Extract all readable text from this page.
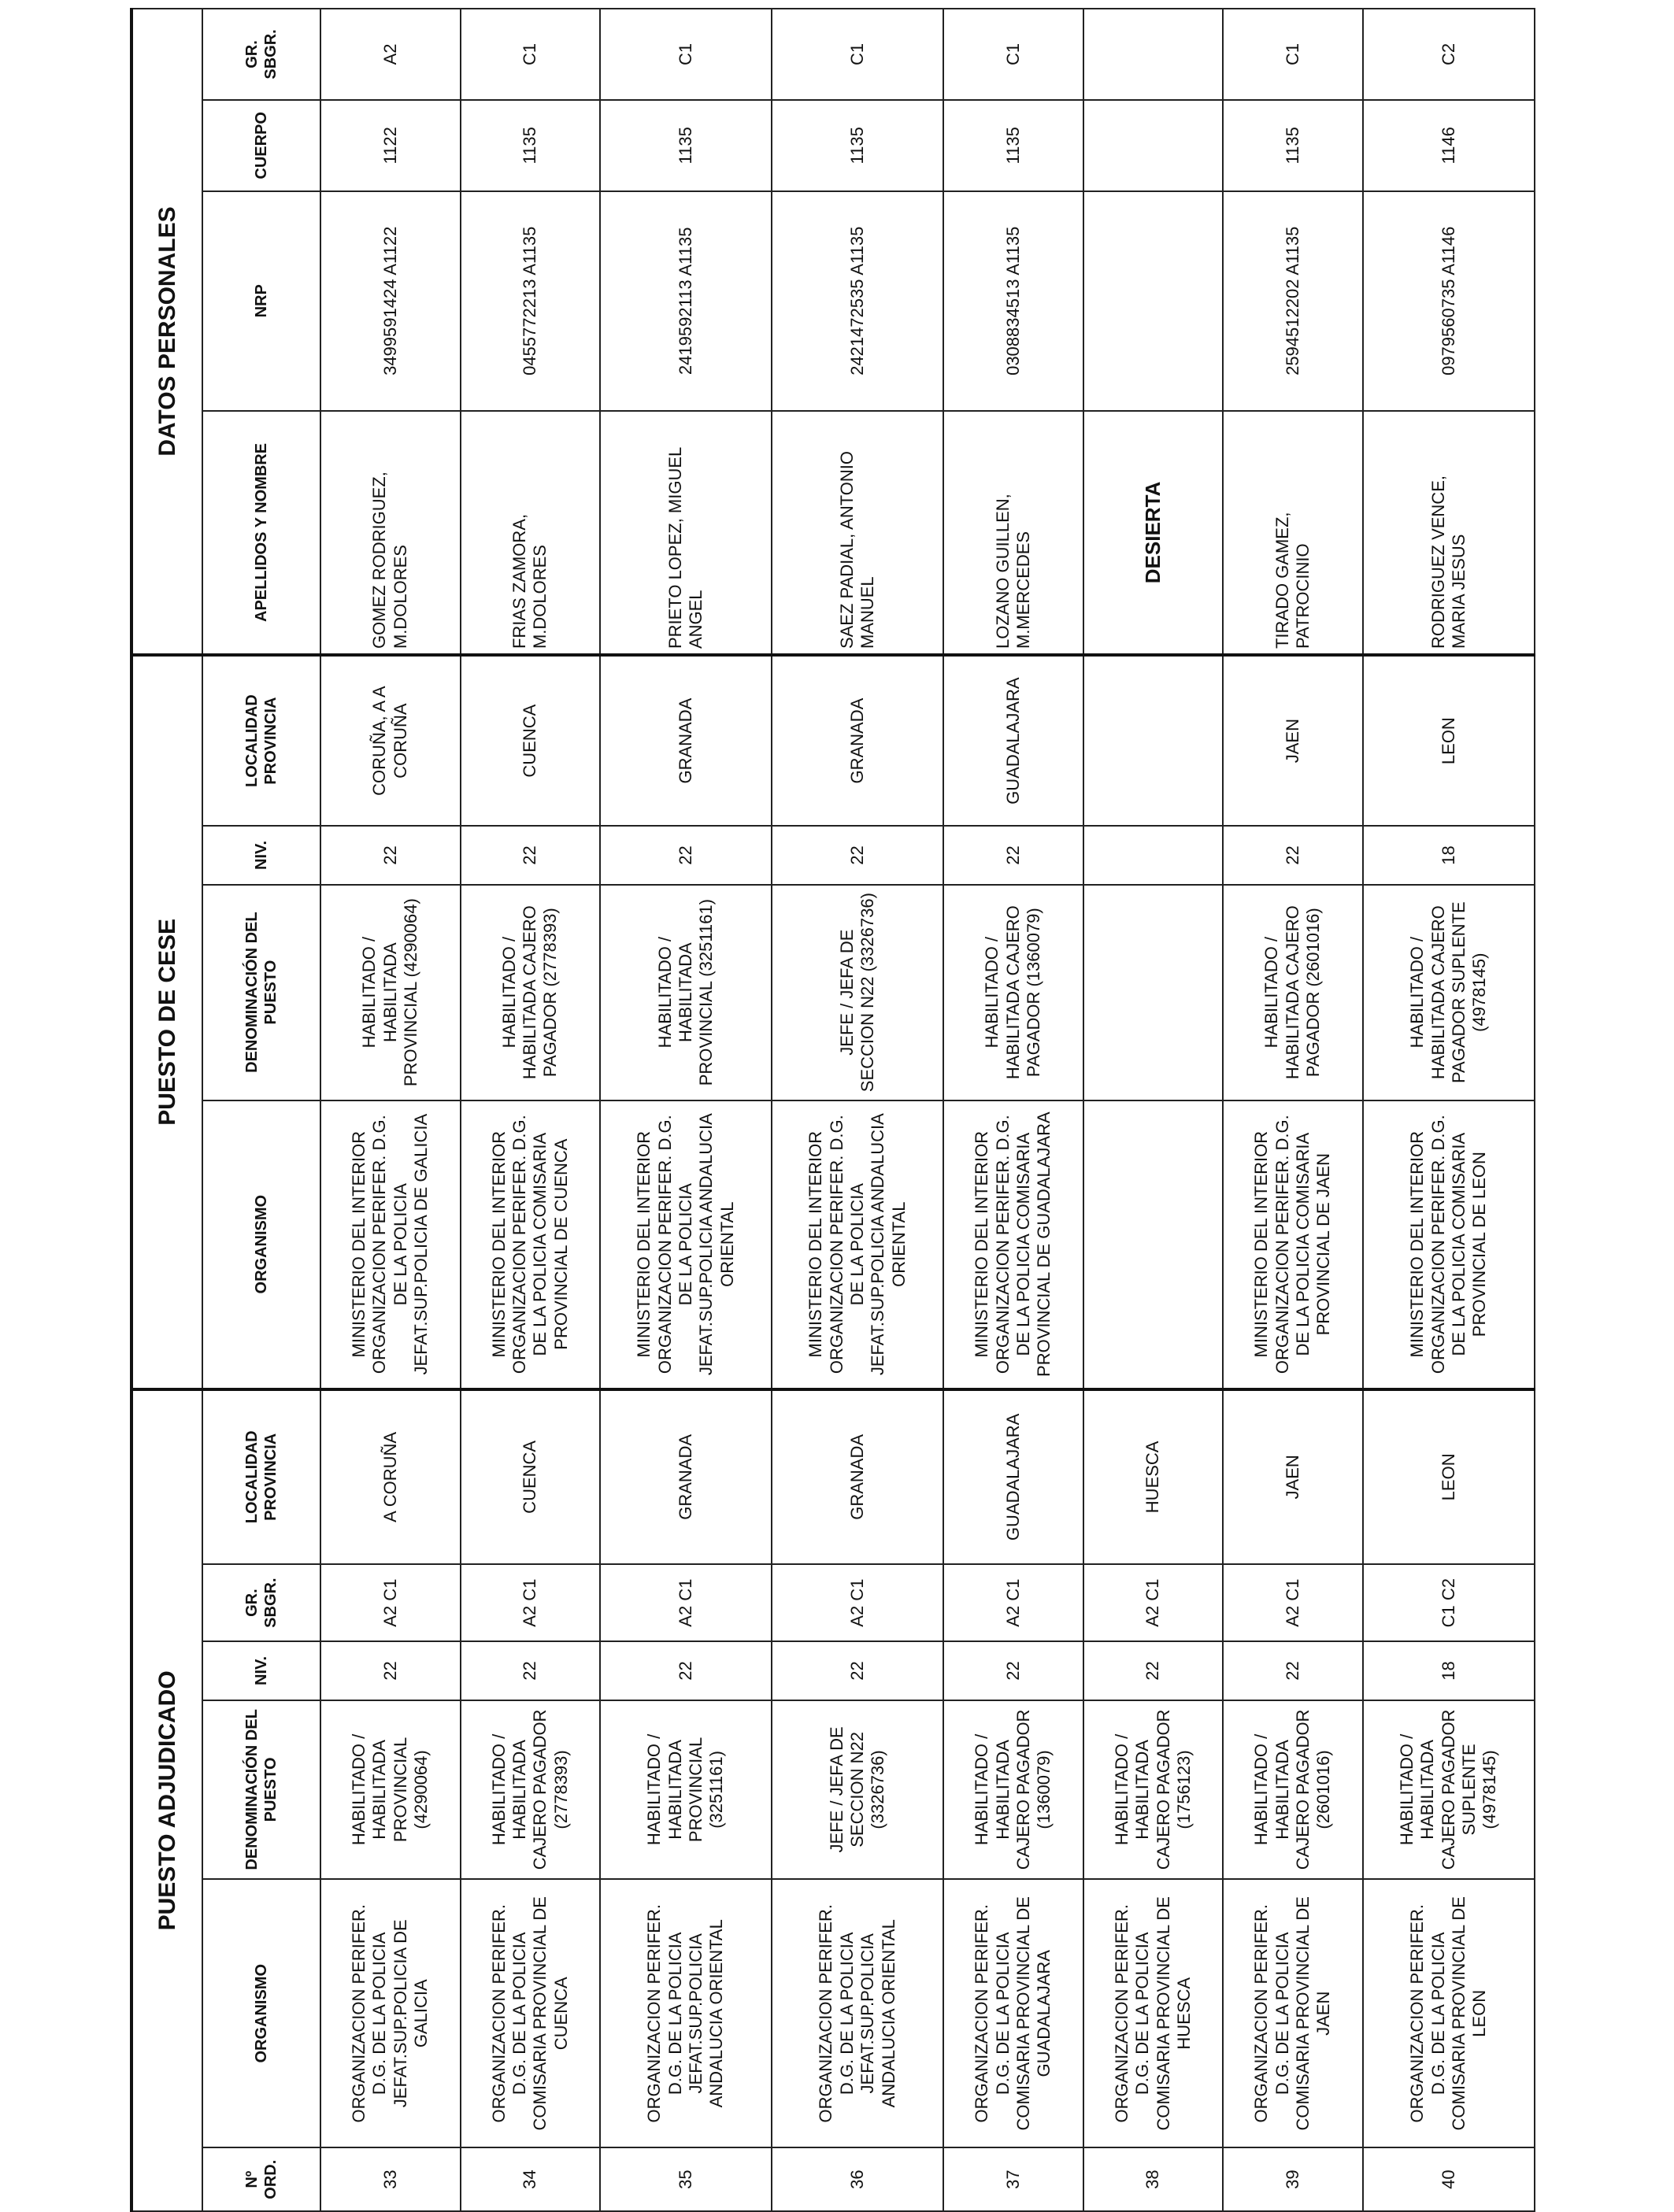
PUESTO ADJUDICADO						PUESTO DE CESE				DATOS PERSONALES			
Nº ORD.	ORGANISMO	DENOMINACIÓN DEL PUESTO	NIV.	GR. SBGR.	LOCALIDAD PROVINCIA	ORGANISMO	DENOMINACIÓN DEL PUESTO	NIV.	LOCALIDAD PROVINCIA	APELLIDOS Y NOMBRE	NRP	CUERPO	GR. SBGR.
33	ORGANIZACION PERIFER. D.G. DE LA POLICIA JEFAT.SUP.POLICIA DE GALICIA	HABILITADO / HABILITADA PROVINCIAL (4290064)	22	A2 C1	A CORUÑA	MINISTERIO DEL INTERIOR ORGANIZACION PERIFER. D.G. DE LA POLICIA JEFAT.SUP.POLICIA DE GALICIA	HABILITADO / HABILITADA PROVINCIAL (4290064)	22	CORUÑA, A A CORUÑA	GOMEZ RODRIGUEZ, M.DOLORES	3499591424 A1122	1122	A2
34	ORGANIZACION PERIFER. D.G. DE LA POLICIA COMISARIA PROVINCIAL DE CUENCA	HABILITADO / HABILITADA CAJERO PAGADOR (2778393)	22	A2 C1	CUENCA	MINISTERIO DEL INTERIOR ORGANIZACION PERIFER. D.G. DE LA POLICIA COMISARIA PROVINCIAL DE CUENCA	HABILITADO / HABILITADA CAJERO PAGADOR (2778393)	22	CUENCA	FRIAS ZAMORA, M.DOLORES	0455772213 A1135	1135	C1
35	ORGANIZACION PERIFER. D.G. DE LA POLICIA JEFAT.SUP.POLICIA ANDALUCIA ORIENTAL	HABILITADO / HABILITADA PROVINCIAL (3251161)	22	A2 C1	GRANADA	MINISTERIO DEL INTERIOR ORGANIZACION PERIFER. D.G. DE LA POLICIA JEFAT.SUP.POLICIA ANDALUCIA ORIENTAL	HABILITADO / HABILITADA PROVINCIAL (3251161)	22	GRANADA	PRIETO LOPEZ, MIGUEL ANGEL	2419592113 A1135	1135	C1
36	ORGANIZACION PERIFER. D.G. DE LA POLICIA JEFAT.SUP.POLICIA ANDALUCIA ORIENTAL	JEFE / JEFA DE SECCION N22 (3326736)	22	A2 C1	GRANADA	MINISTERIO DEL INTERIOR ORGANIZACION PERIFER. D.G. DE LA POLICIA JEFAT.SUP.POLICIA ANDALUCIA ORIENTAL	JEFE / JEFA DE SECCION N22 (3326736)	22	GRANADA	SAEZ PADIAL, ANTONIO MANUEL	2421472535 A1135	1135	C1
37	ORGANIZACION PERIFER. D.G. DE LA POLICIA COMISARIA PROVINCIAL DE GUADALAJARA	HABILITADO / HABILITADA CAJERO PAGADOR (1360079)	22	A2 C1	GUADALAJARA	MINISTERIO DEL INTERIOR ORGANIZACION PERIFER. D.G. DE LA POLICIA COMISARIA PROVINCIAL DE GUADALAJARA	HABILITADO / HABILITADA CAJERO PAGADOR (1360079)	22	GUADALAJARA	LOZANO GUILLEN, M.MERCEDES	0308834513 A1135	1135	C1
38	ORGANIZACION PERIFER. D.G. DE LA POLICIA COMISARIA PROVINCIAL DE HUESCA	HABILITADO / HABILITADA CAJERO PAGADOR (1756123)	22	A2 C1	HUESCA					DESIERTA			
39	ORGANIZACION PERIFER. D.G. DE LA POLICIA COMISARIA PROVINCIAL DE JAEN	HABILITADO / HABILITADA CAJERO PAGADOR (2601016)	22	A2 C1	JAEN	MINISTERIO DEL INTERIOR ORGANIZACION PERIFER. D.G. DE LA POLICIA COMISARIA PROVINCIAL DE JAEN	HABILITADO / HABILITADA CAJERO PAGADOR (2601016)	22	JAEN	TIRADO GAMEZ, PATROCINIO	2594512202 A1135	1135	C1
40	ORGANIZACION PERIFER. D.G. DE LA POLICIA COMISARIA PROVINCIAL DE LEON	HABILITADO / HABILITADA CAJERO PAGADOR SUPLENTE (4978145)	18	C1 C2	LEON	MINISTERIO DEL INTERIOR ORGANIZACION PERIFER. D.G. DE LA POLICIA COMISARIA PROVINCIAL DE LEON	HABILITADO / HABILITADA CAJERO PAGADOR SUPLENTE (4978145)	18	LEON	RODRIGUEZ VENCE, MARIA JESUS	0979560735 A1146	1146	C2
